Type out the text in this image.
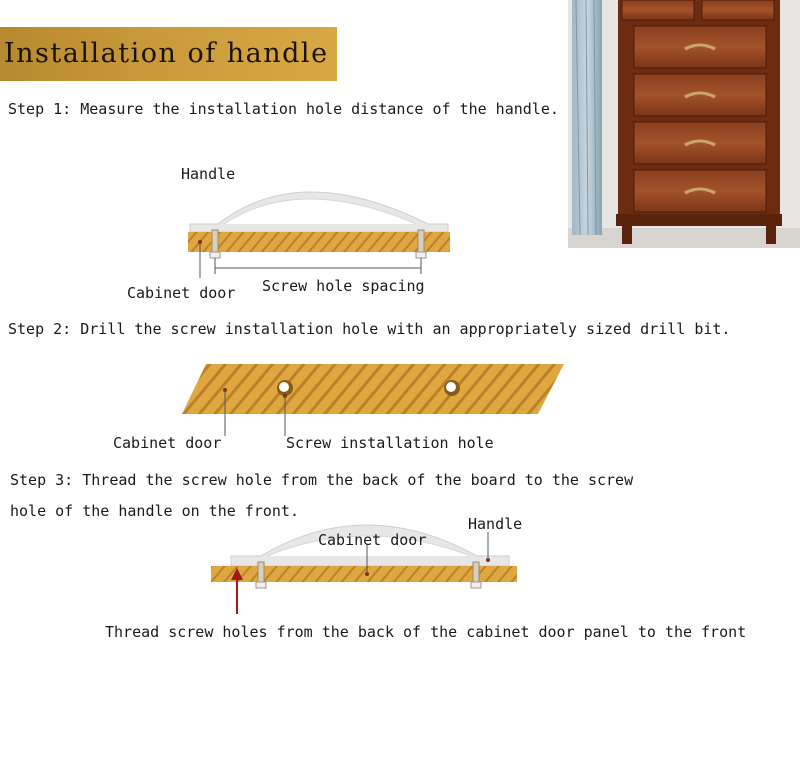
Installation of handle
Step 1: Measure the installation hole distance of the handle.
Step 2: Drill the screw installation hole with an appropriately sized drill bit.
Step 3: Thread the screw hole from the back of the board to the screw
hole of the handle on the front.
Handle
Cabinet door Screw hole spacing
Cabinet door	Screw installation hole
Handle
Cabinet door
Thread screw holes from the back of the cabinet door panel to the front
